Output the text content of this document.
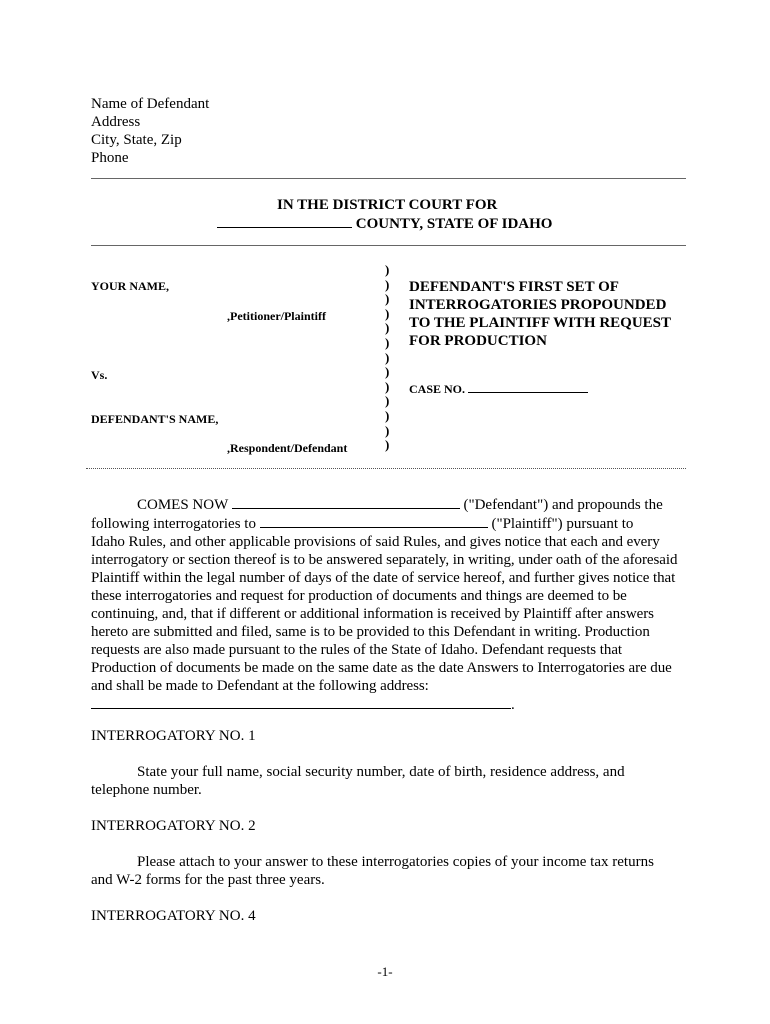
Name of Defendant
Address
City, State, Zip
Phone
IN THE DISTRICT COURT FOR
COUNTY, STATE OF IDAHO
YOUR NAME,
,Petitioner/Plaintiff
Vs.
DEFENDANT'S NAME,
,Respondent/Defendant
)
)
)
)
)
)
)
)
)
)
)
)
)
DEFENDANT'S FIRST SET OF
INTERROGATORIES PROPOUNDED
TO THE PLAINTIFF WITH REQUEST
FOR PRODUCTION
CASE NO.
COMES NOW	("Defendant") and propounds the
following interrogatories to	("Plaintiff") pursuant to

Idaho Rules, and other applicable provisions of said Rules, and gives notice that each and every interrogatory or section thereof is to be answered separately, in writing, under oath of the aforesaid Plaintiff within the legal number of days of the date of service hereof, and further gives notice that these interrogatories and request for production of documents and things are deemed to be continuing, and, that if different or additional information is received by Plaintiff after answers hereto are submitted and filed, same is to be provided to this Defendant in writing. Production requests are also made pursuant to the rules of the State of Idaho. Defendant requests that Production of documents be made on the same date as the date Answers to Interrogatories are due and shall be made to Defendant at the following address:

.
INTERROGATORY NO. 1
State your full name, social security number, date of birth, residence address, and telephone number.
INTERROGATORY NO. 2
Please attach to your answer to these interrogatories copies of your income tax returns and W-2 forms for the past three years.
INTERROGATORY NO. 4
-1-
